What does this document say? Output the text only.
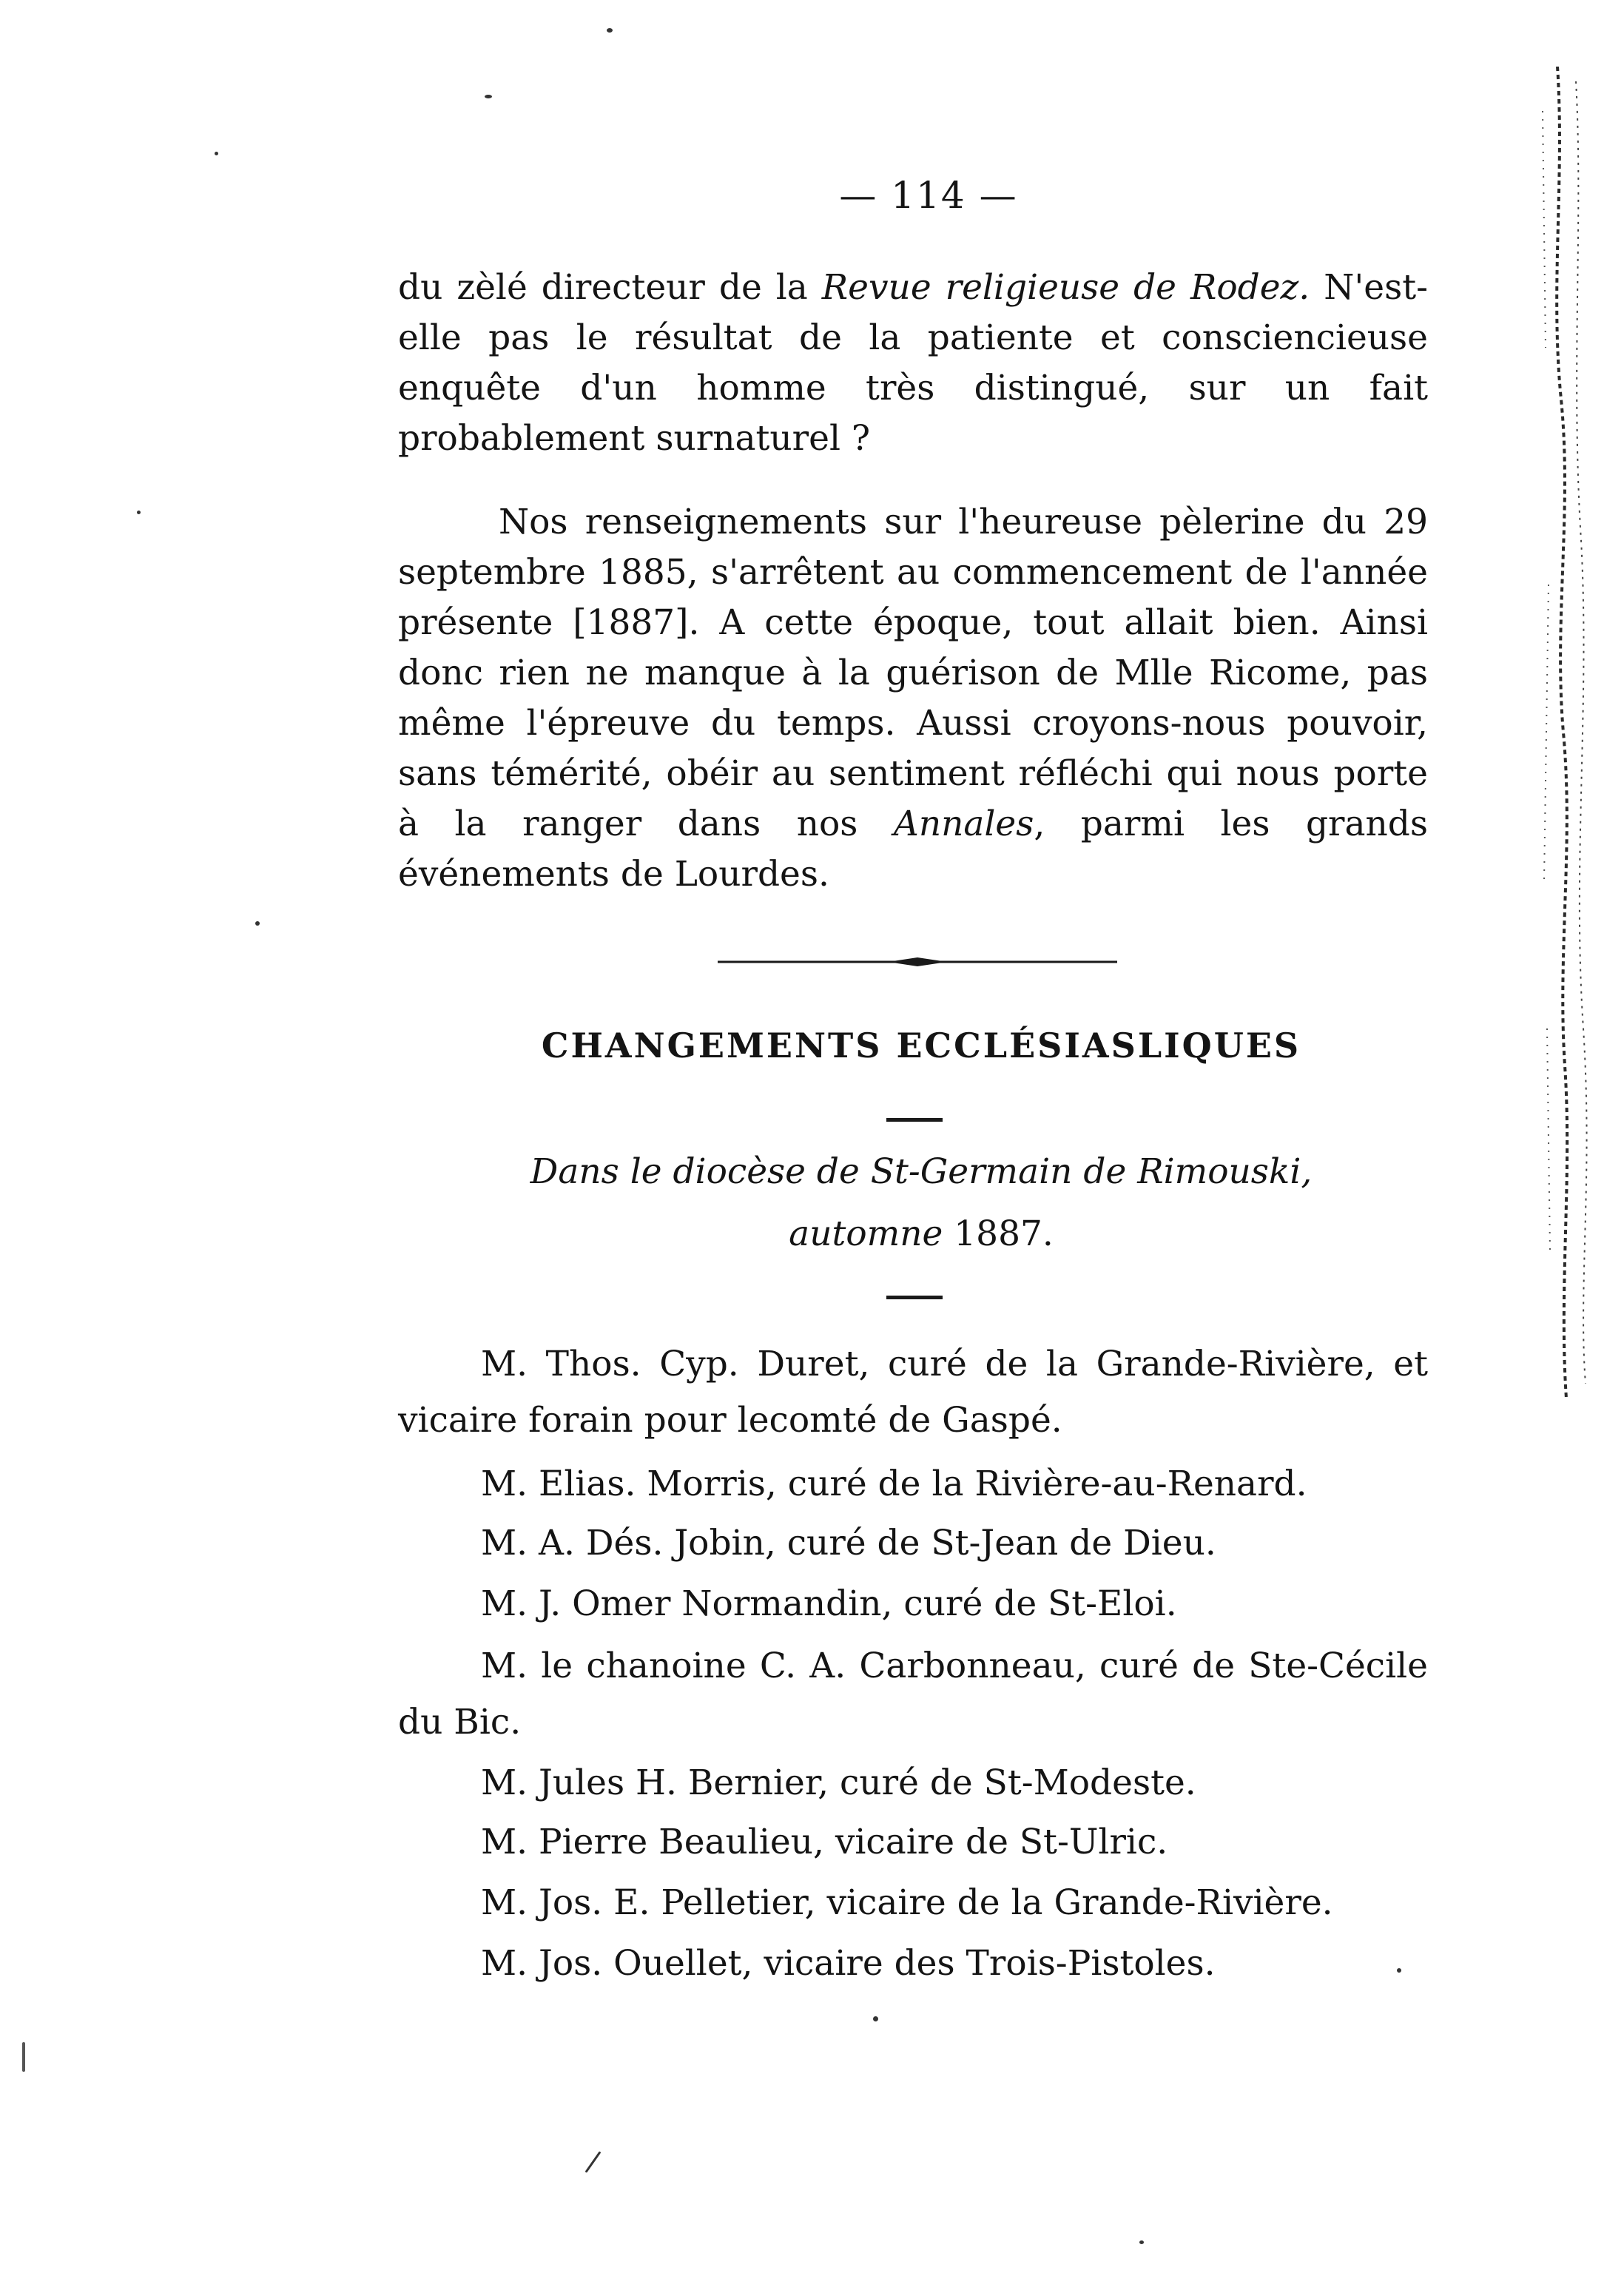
— 114 —

du zèlé directeur de la Revue religieuse de Rodez. N'est-elle pas le résultat de la patiente et consciencieuse enquête d'un homme très distingué, sur un fait probablement surnaturel ?

Nos renseignements sur l'heureuse pèlerine du 29 septembre 1885, s'arrêtent au commencement de l'année présente [1887]. A cette époque, tout allait bien. Ainsi donc rien ne manque à la guérison de Mlle Ricome, pas même l'épreuve du temps. Aussi croyons-nous pouvoir, sans témérité, obéir au sentiment réfléchi qui nous porte à la ranger dans nos Annales, parmi les grands événements de Lourdes.

CHANGEMENTS ECCLÉSIASLIQUES
Dans le diocèse de St-Germain de Rimouski,
automne 1887.

M. Thos. Cyp. Duret, curé de la Grande-Rivière, et vicaire forain pour lecomté de Gaspé.

M. Elias. Morris, curé de la Rivière-au-Renard.

M. A. Dés. Jobin, curé de St-Jean de Dieu.

M. J. Omer Normandin, curé de St-Eloi.

M. le chanoine C. A. Carbonneau, curé de Ste-Cécile du Bic.

M. Jules H. Bernier, curé de St-Modeste.

M. Pierre Beaulieu, vicaire de St-Ulric.

M. Jos. E. Pelletier, vicaire de la Grande-Rivière.

M. Jos. Ouellet, vicaire des Trois-Pistoles.
